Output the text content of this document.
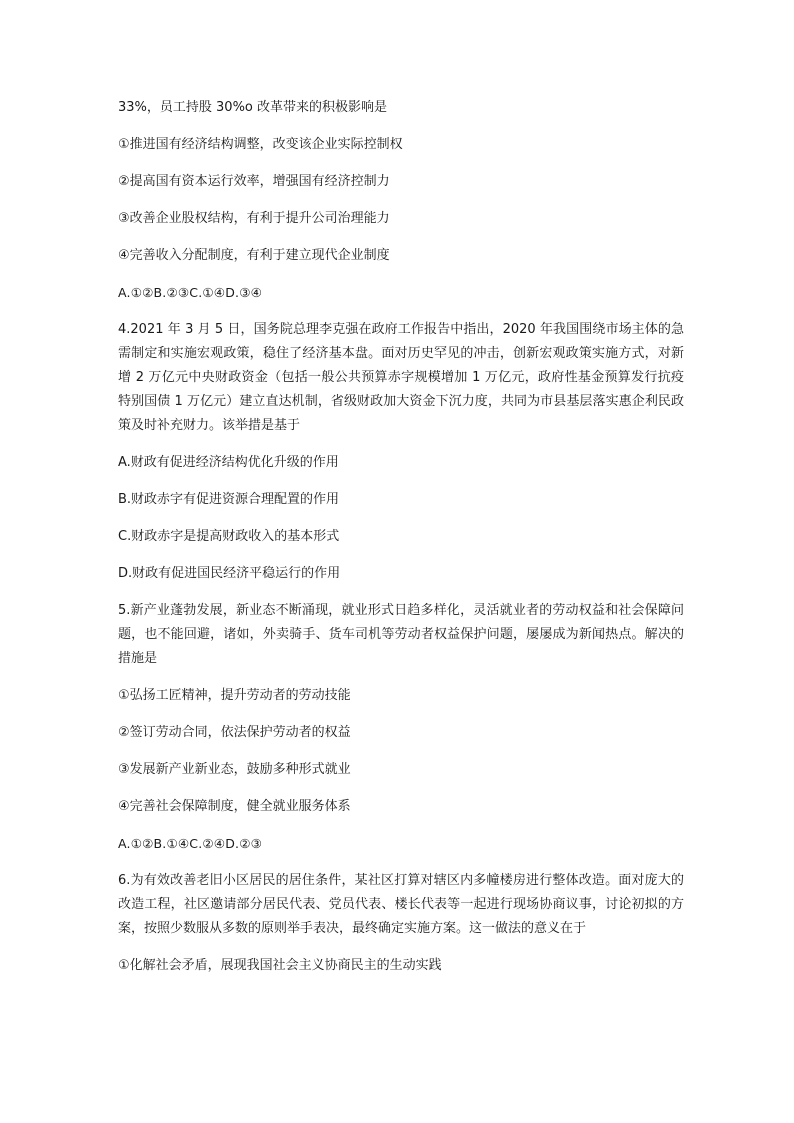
33%，员工持股 30%o 改革带来的积极影响是

①推进国有经济结构调整，改变该企业实际控制权

②提高国有资本运行效率，增强国有经济控制力

③改善企业股权结构，有利于提升公司治理能力

④完善收入分配制度，有利于建立现代企业制度

A.①②B.②③C.①④D.③④

4.2021 年 3 月 5 日，国务院总理李克强在政府工作报告中指出，2020 年我国围绕市场主体的急需制定和实施宏观政策，稳住了经济基本盘。面对历史罕见的冲击，创新宏观政策实施方式，对新增 2 万亿元中央财政资金（包括一般公共预算赤字规模增加 1 万亿元，政府性基金预算发行抗疫特别国债 1 万亿元）建立直达机制，省级财政加大资金下沉力度，共同为市县基层落实惠企利民政策及时补充财力。该举措是基于

A.财政有促进经济结构优化升级的作用

B.财政赤字有促进资源合理配置的作用

C.财政赤字是提高财政收入的基本形式

D.财政有促进国民经济平稳运行的作用

5.新产业蓬勃发展，新业态不断涌现，就业形式日趋多样化，灵活就业者的劳动权益和社会保障问题，也不能回避，诸如，外卖骑手、货车司机等劳动者权益保护问题，屡屡成为新闻热点。解决的措施是

①弘扬工匠精神，提升劳动者的劳动技能

②签订劳动合同，依法保护劳动者的权益

③发展新产业新业态，鼓励多种形式就业

④完善社会保障制度，健全就业服务体系

A.①②B.①④C.②④D.②③

6.为有效改善老旧小区居民的居住条件，某社区打算对辖区内多幢楼房进行整体改造。面对庞大的改造工程，社区邀请部分居民代表、党员代表、楼长代表等一起进行现场协商议事，讨论初拟的方案，按照少数服从多数的原则举手表决，最终确定实施方案。这一做法的意义在于

①化解社会矛盾，展现我国社会主义协商民主的生动实践
